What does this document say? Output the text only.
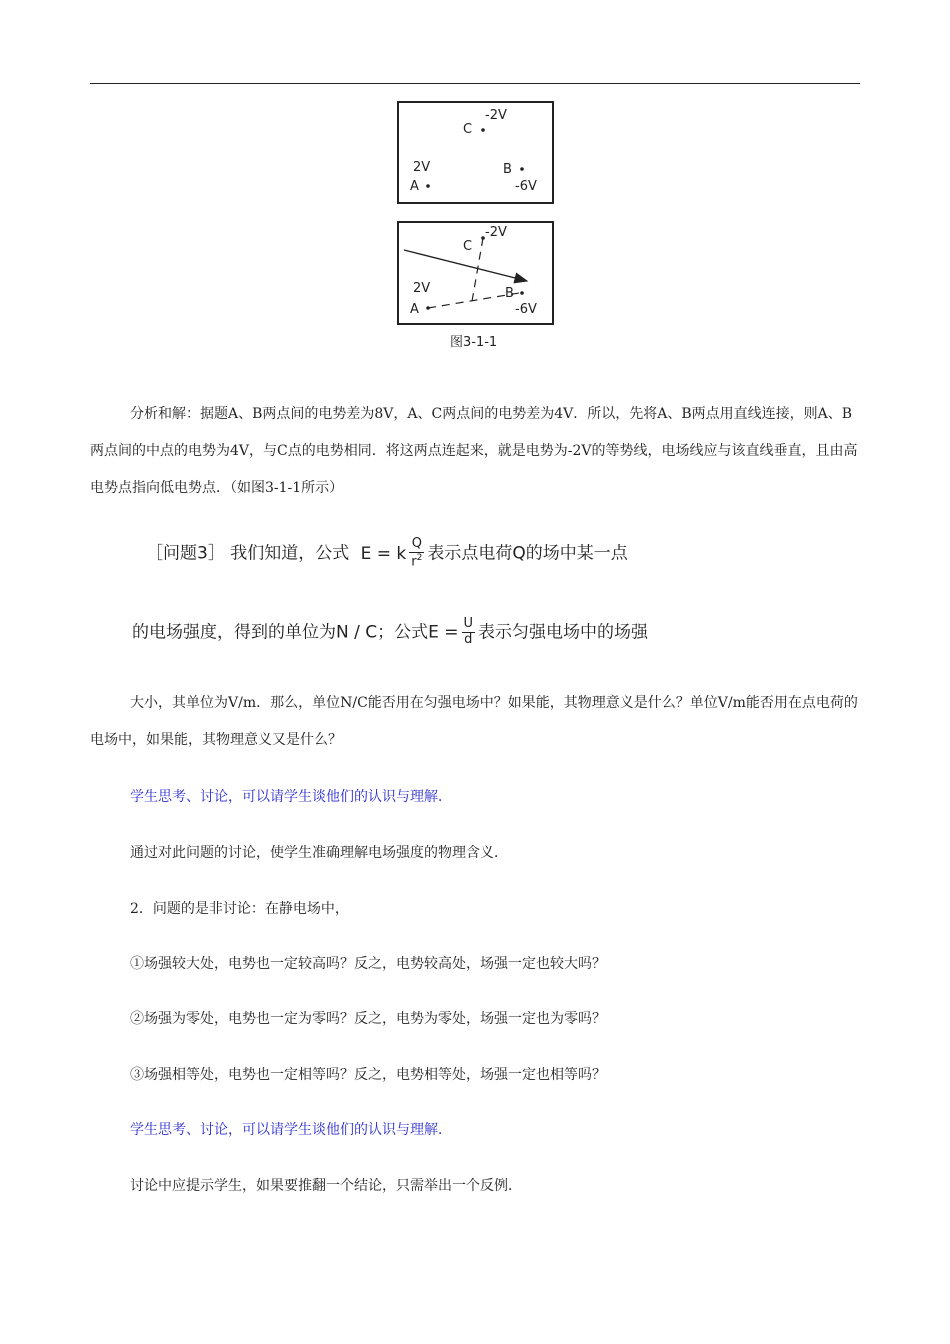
C
-2V
2V
A
B
-6V
C
-2V
2V
A
B
-6V
图3-1-1

分析和解：据题A、B两点间的电势差为8V，A、C两点间的电势差为4V．所以，先将A、B两点用直线连接，则A、B两点间的中点的电势为4V，与C点的电势相同．将这两点连起来，就是电势为-2V的等势线，电场线应与该直线垂直，且由高电势点指向低电势点．（如图3-1-1所示）

［问题3］ 我们知道，公式 E = k $\frac{Q}{r^2}$ 表示点电荷Q的场中某一点
的电场强度，得到的单位为N / C；公式$E = \frac{U}{d}$ 表示匀强电场中的场强

大小，其单位为V/m．那么，单位N/C能否用在匀强电场中？如果能，其物理意义是什么？单位V/m能否用在点电荷的电场中，如果能，其物理意义又是什么？

学生思考、讨论，可以请学生谈他们的认识与理解．

通过对此问题的讨论，使学生准确理解电场强度的物理含义．

2．问题的是非讨论：在静电场中，

①场强较大处，电势也一定较高吗？反之，电势较高处，场强一定也较大吗？

②场强为零处，电势也一定为零吗？反之，电势为零处，场强一定也为零吗？

③场强相等处，电势也一定相等吗？反之，电势相等处，场强一定也相等吗？

学生思考、讨论，可以请学生谈他们的认识与理解．

讨论中应提示学生，如果要推翻一个结论，只需举出一个反例．
